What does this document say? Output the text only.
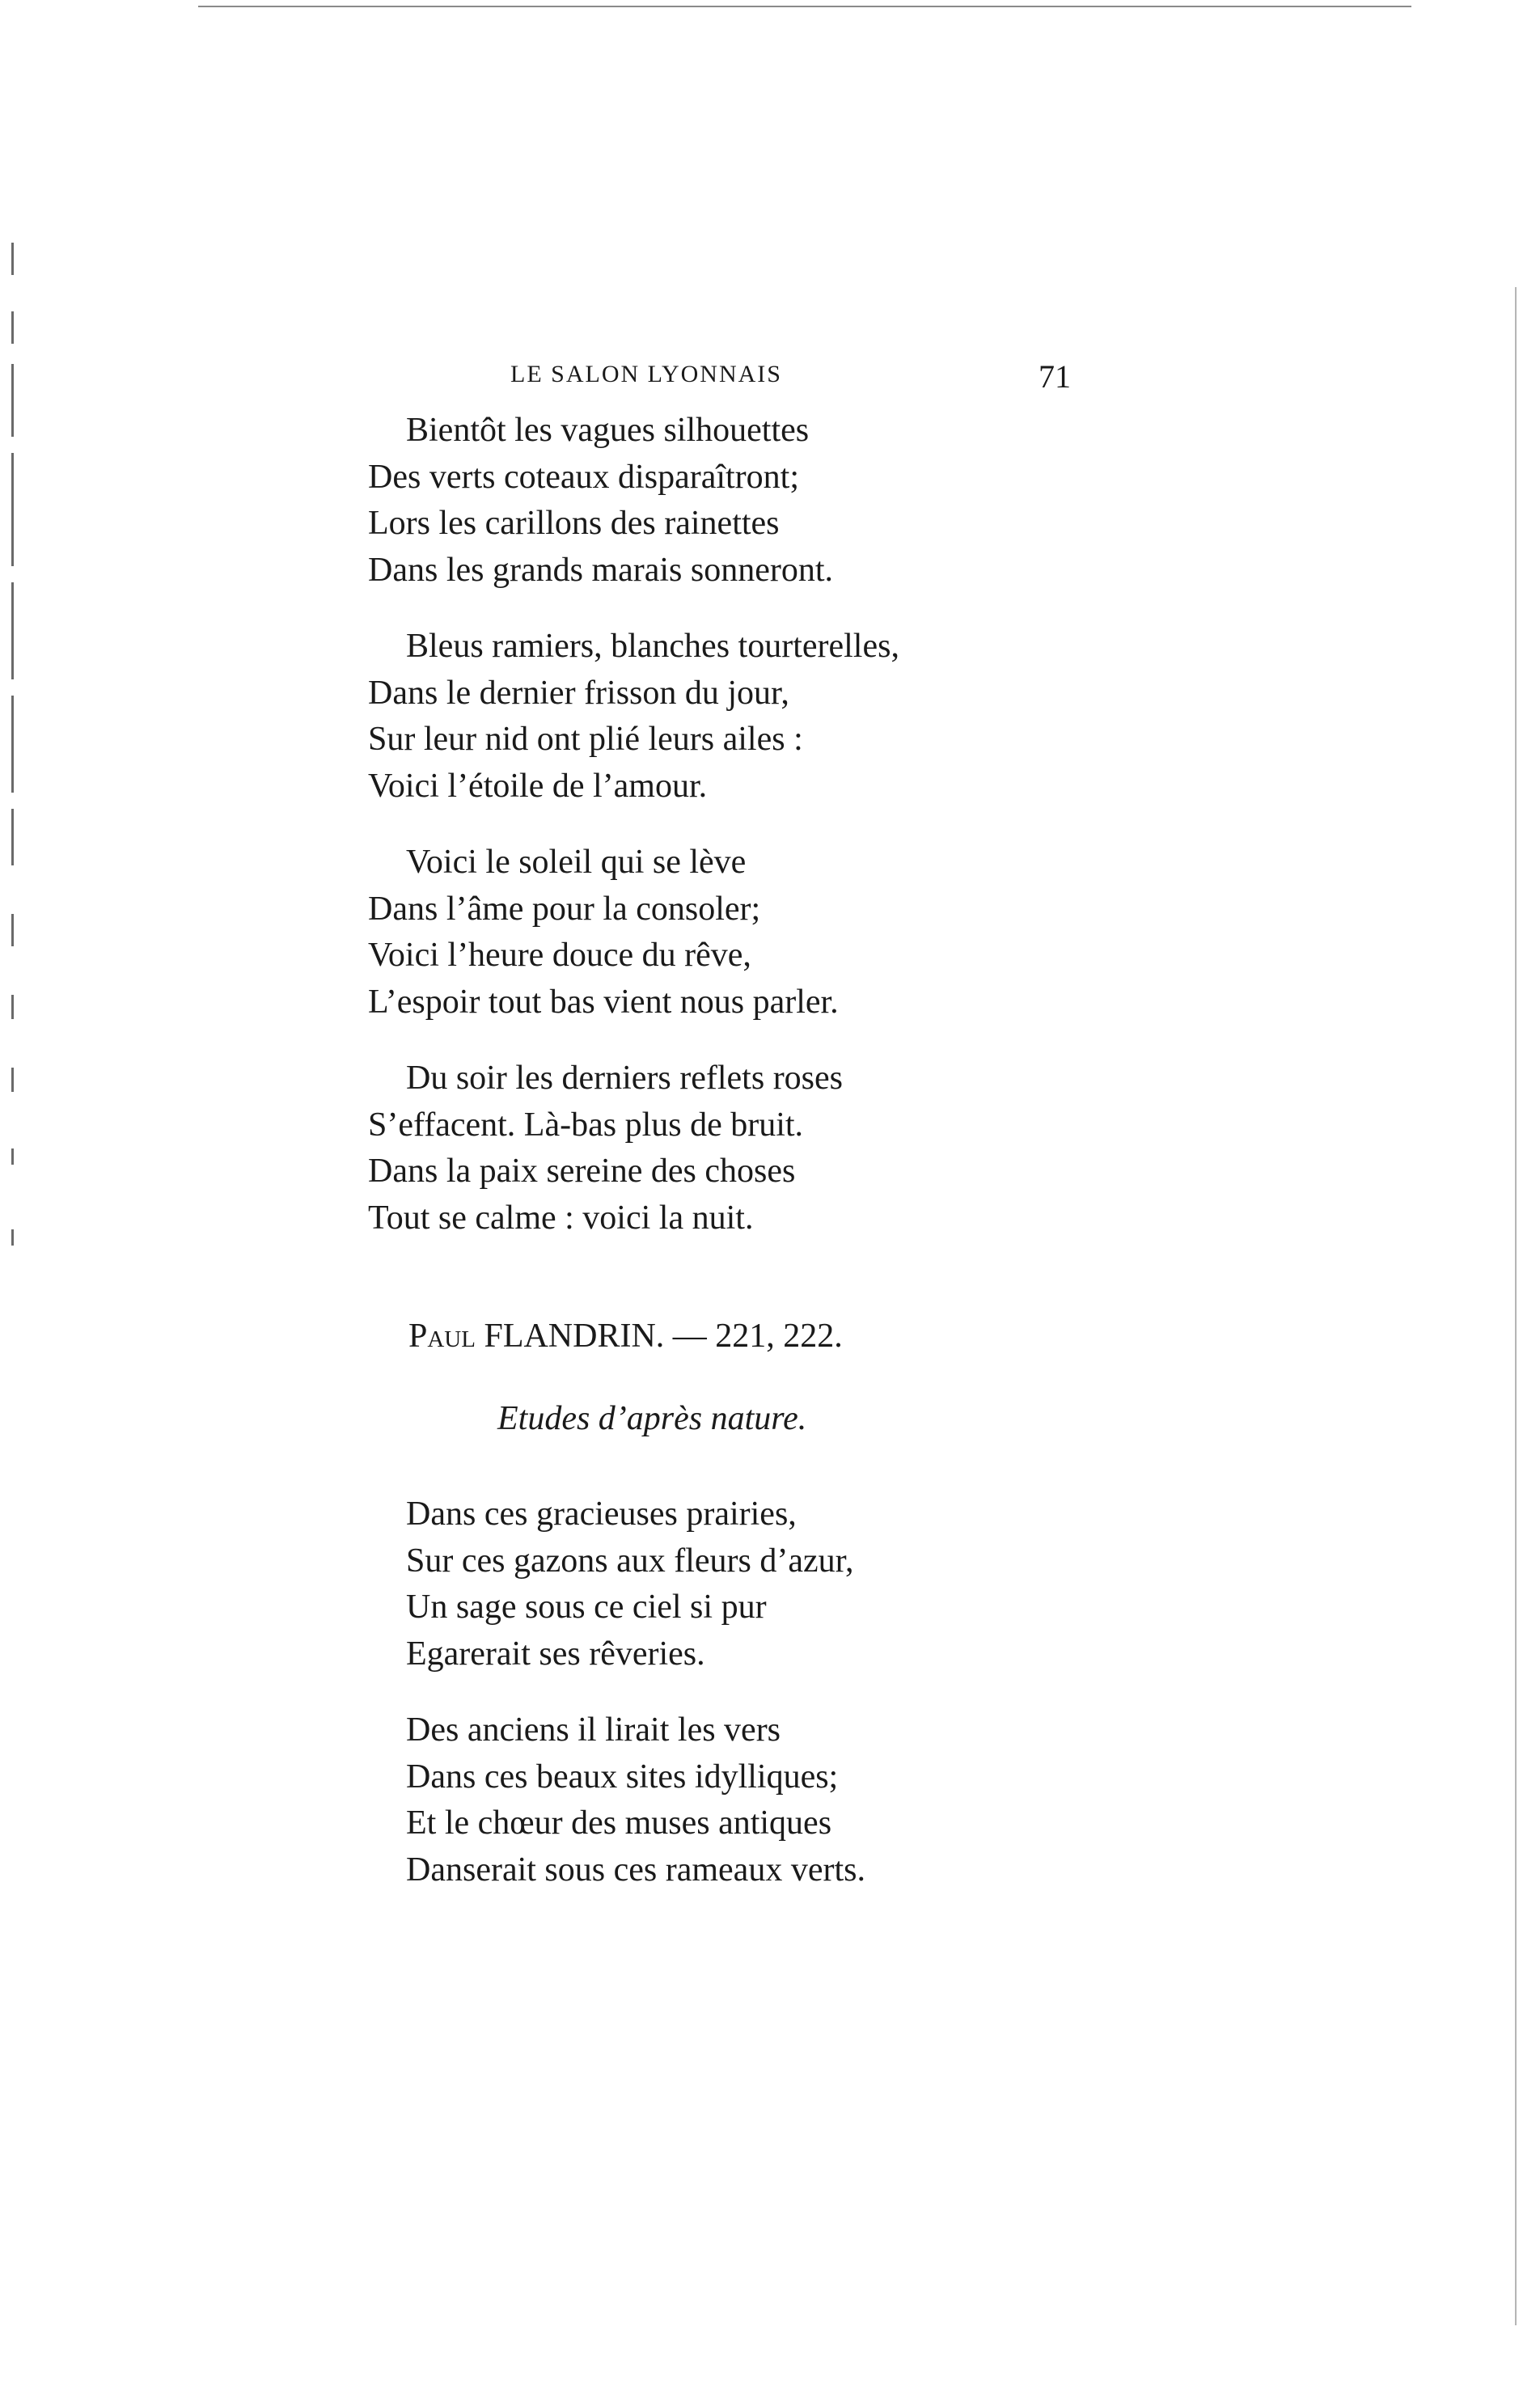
LE SALON LYONNAIS	71
Bientôt les vagues silhouettes
Des verts coteaux disparaîtront;
Lors les carillons des rainettes
Dans les grands marais sonneront.
Bleus ramiers, blanches tourterelles,
Dans le dernier frisson du jour,
Sur leur nid ont plié leurs ailes :
Voici l’étoile de l’amour.
Voici le soleil qui se lève
Dans l’âme pour la consoler;
Voici l’heure douce du rêve,
L’espoir tout bas vient nous parler.
Du soir les derniers reflets roses
S’effacent. Là-bas plus de bruit.
Dans la paix sereine des choses
Tout se calme : voici la nuit.
Paul FLANDRIN. — 221, 222.
Etudes d’après nature.
Dans ces gracieuses prairies,
Sur ces gazons aux fleurs d’azur,
Un sage sous ce ciel si pur
Egarerait ses rêveries.
Des anciens il lirait les vers
Dans ces beaux sites idylliques;
Et le chœur des muses antiques
Danserait sous ces rameaux verts.
